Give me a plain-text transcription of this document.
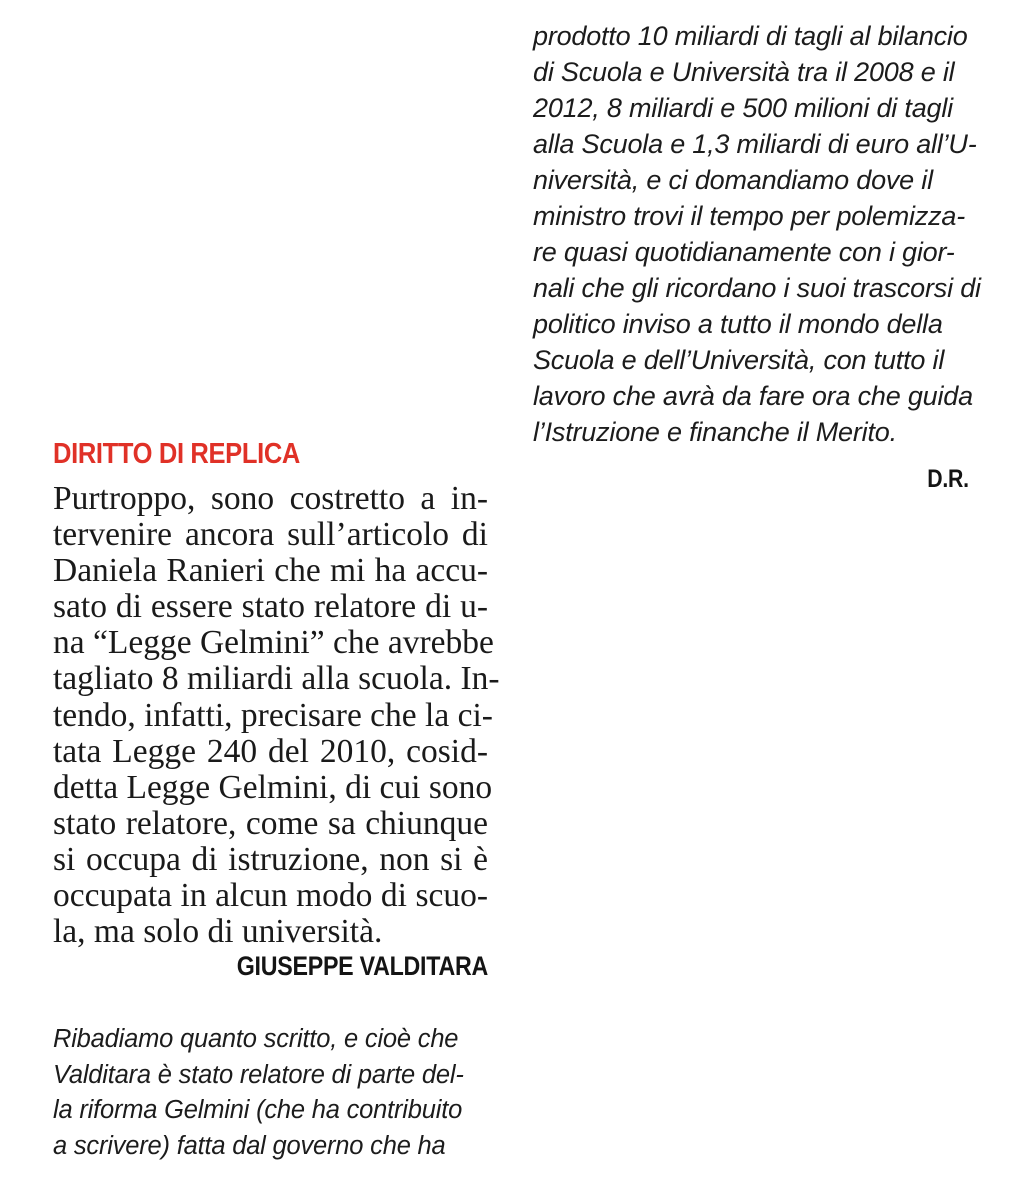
prodotto 10 miliardi di tagli al bilancio
di Scuola e Università tra il 2008 e il
2012, 8 miliardi e 500 milioni di tagli
alla Scuola e 1,3 miliardi di euro all’U-
niversità, e ci domandiamo dove il
ministro trovi il tempo per polemizza-
re quasi quotidianamente con i gior-
nali che gli ricordano i suoi trascorsi di
politico inviso a tutto il mondo della
Scuola e dell’Università, con tutto il
lavoro che avrà da fare ora che guida
l’Istruzione e finanche il Merito.
D.R.
DIRITTO DI REPLICA
Purtroppo, sono costretto a in-
tervenire ancora sull’articolo di
Daniela Ranieri che mi ha accu-
sato di essere stato relatore di u-
na “Legge Gelmini” che avrebbe
tagliato 8 miliardi alla scuola. In-
tendo, infatti, precisare che la ci-
tata Legge 240 del 2010, cosid-
detta Legge Gelmini, di cui sono
stato relatore, come sa chiunque
si occupa di istruzione, non si è
occupata in alcun modo di scuo-
la, ma solo di università.
GIUSEPPE VALDITARA
Ribadiamo quanto scritto, e cioè che
Valditara è stato relatore di parte del-
la riforma Gelmini (che ha contribuito
a scrivere) fatta dal governo che ha
